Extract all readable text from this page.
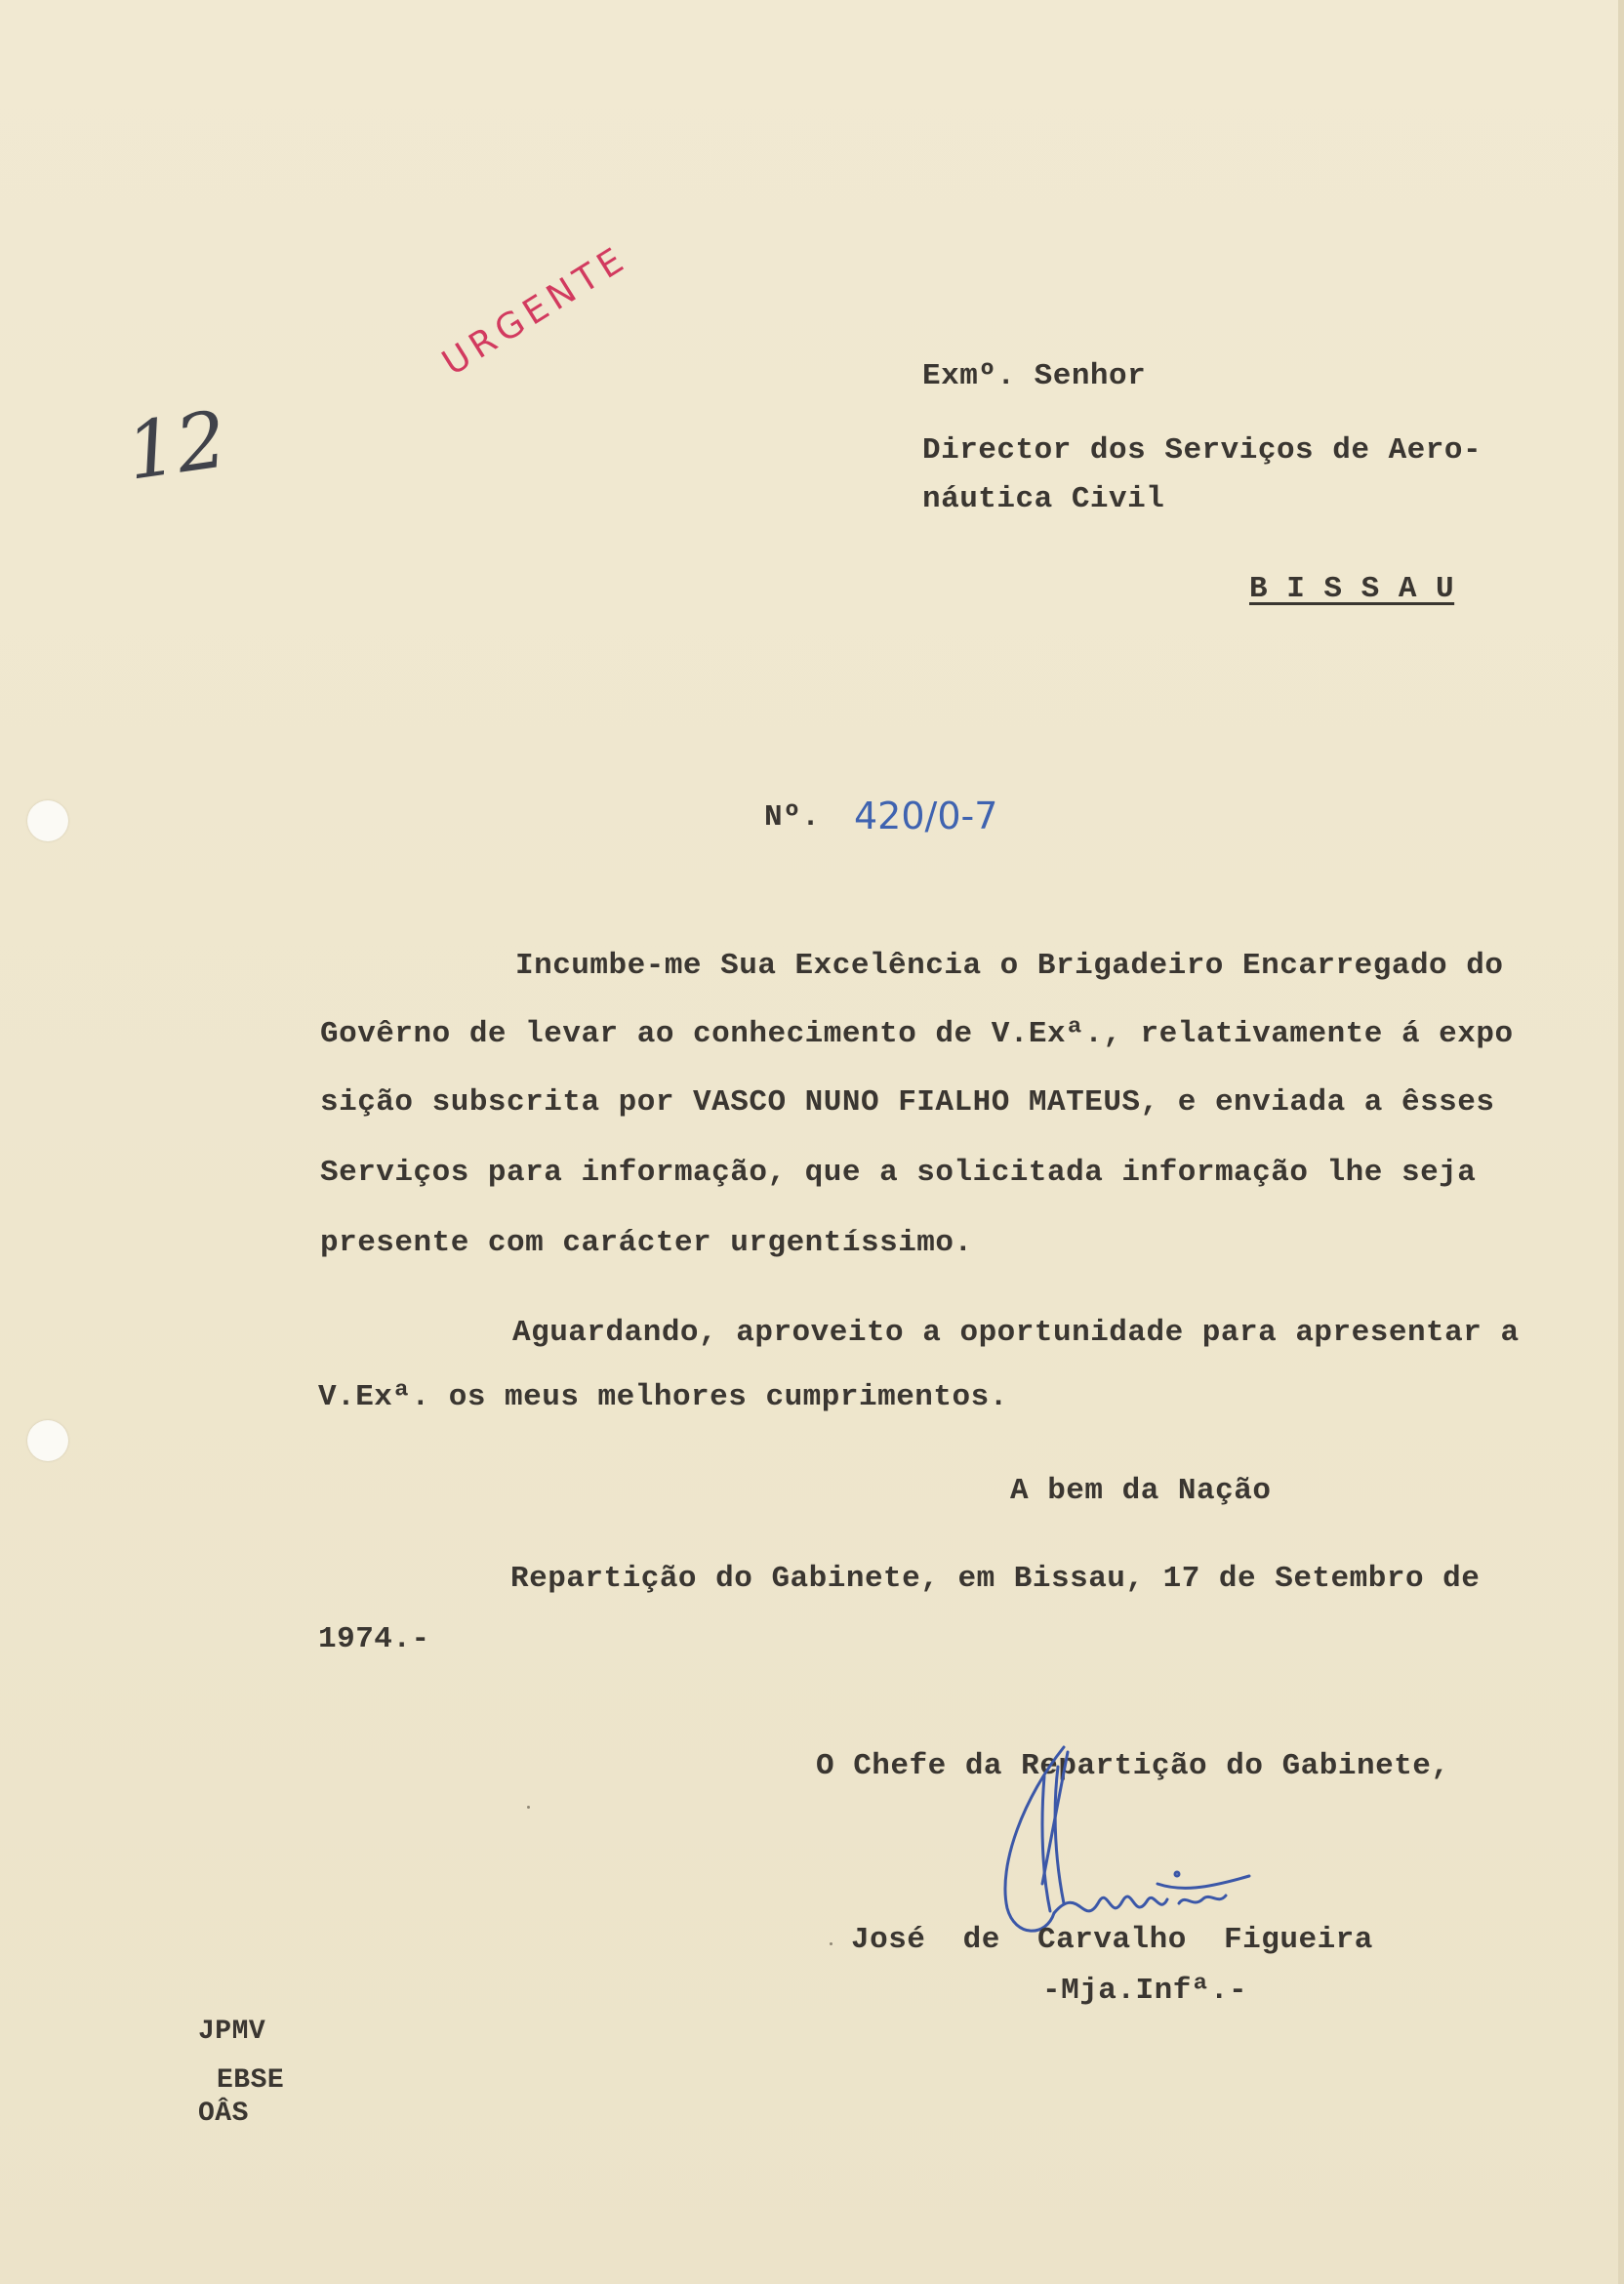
URGENTE
12
Exmº. Senhor
Director dos Serviços de Aero-
náutica Civil
B I S S A U
Nº. 420/0-7
Incumbe-me Sua Excelência o Brigadeiro Encarregado do
Govêrno de levar ao conhecimento de V.Exª., relativamente á expo
sição subscrita por VASCO NUNO FIALHO MATEUS, e enviada a êsses
Serviços para informação, que a solicitada informação lhe seja
presente com carácter urgentíssimo.
Aguardando, aproveito a oportunidade para apresentar a
V.Exª. os meus melhores cumprimentos.
A bem da Nação
Repartição do Gabinete, em Bissau, 17 de Setembro de
1974.-
O Chefe da Repartição do Gabinete,
José  de  Carvalho  Figueira
-Mja.Infª.-
JPMV
EBSE
OÂS
